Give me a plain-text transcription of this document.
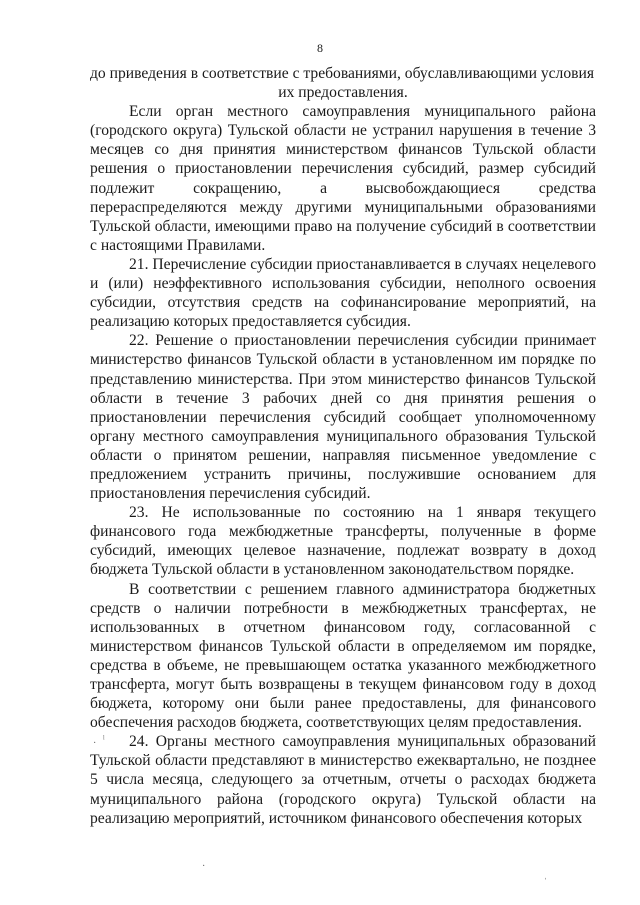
8

до приведения в соответствие с требованиями, обуславливающими условия

их предоставления.

Если орган местного самоуправления муниципального района (городского округа) Тульской области не устранил нарушения в течение 3 месяцев со дня принятия министерством финансов Тульской области решения о приостановлении перечисления субсидий, размер субсидий подлежит сокращению, а высвобождающиеся средства перераспределяются между другими муниципальными образованиями Тульской области, имеющими право на получение субсидий в соответствии с настоящими Правилами.

21. Перечисление субсидии приостанавливается в случаях нецелевого и (или) неэффективного использования субсидии, неполного освоения субсидии, отсутствия средств на софинансирование мероприятий, на реализацию которых предоставляется субсидия.

22. Решение о приостановлении перечисления субсидии принимает министерство финансов Тульской области в установленном им порядке по представлению министерства. При этом министерство финансов Тульской области в течение 3 рабочих дней со дня принятия решения о приостановлении перечисления субсидий сообщает уполномоченному органу местного самоуправления муниципального образования Тульской области о принятом решении, направляя письменное уведомление с предложением устранить причины, послужившие основанием для приостановления перечисления субсидий.

23. Не использованные по состоянию на 1 января текущего финансового года межбюджетные трансферты, полученные в форме субсидий, имеющих целевое назначение, подлежат возврату в доход бюджета Тульской области в установленном законодательством порядке.

В соответствии с решением главного администратора бюджетных средств о наличии потребности в межбюджетных трансфертах, не использованных в отчетном финансовом году, согласованной с министерством финансов Тульской области в определяемом им порядке, средства в объеме, не превышающем остатка указанного межбюджетного трансферта, могут быть возвращены в текущем финансовом году в доход бюджета, которому они были ранее предоставлены, для финансового обеспечения расходов бюджета, соответствующих целям предоставления.

24. Органы местного самоуправления муниципальных образований Тульской области представляют в министерство ежеквартально, не позднее 5 числа месяца, следующего за отчетным, отчеты о расходах бюджета муниципального района (городского округа) Тульской области на реализацию мероприятий, источником финансового обеспечения которых

· ˡ
·
ˈ
